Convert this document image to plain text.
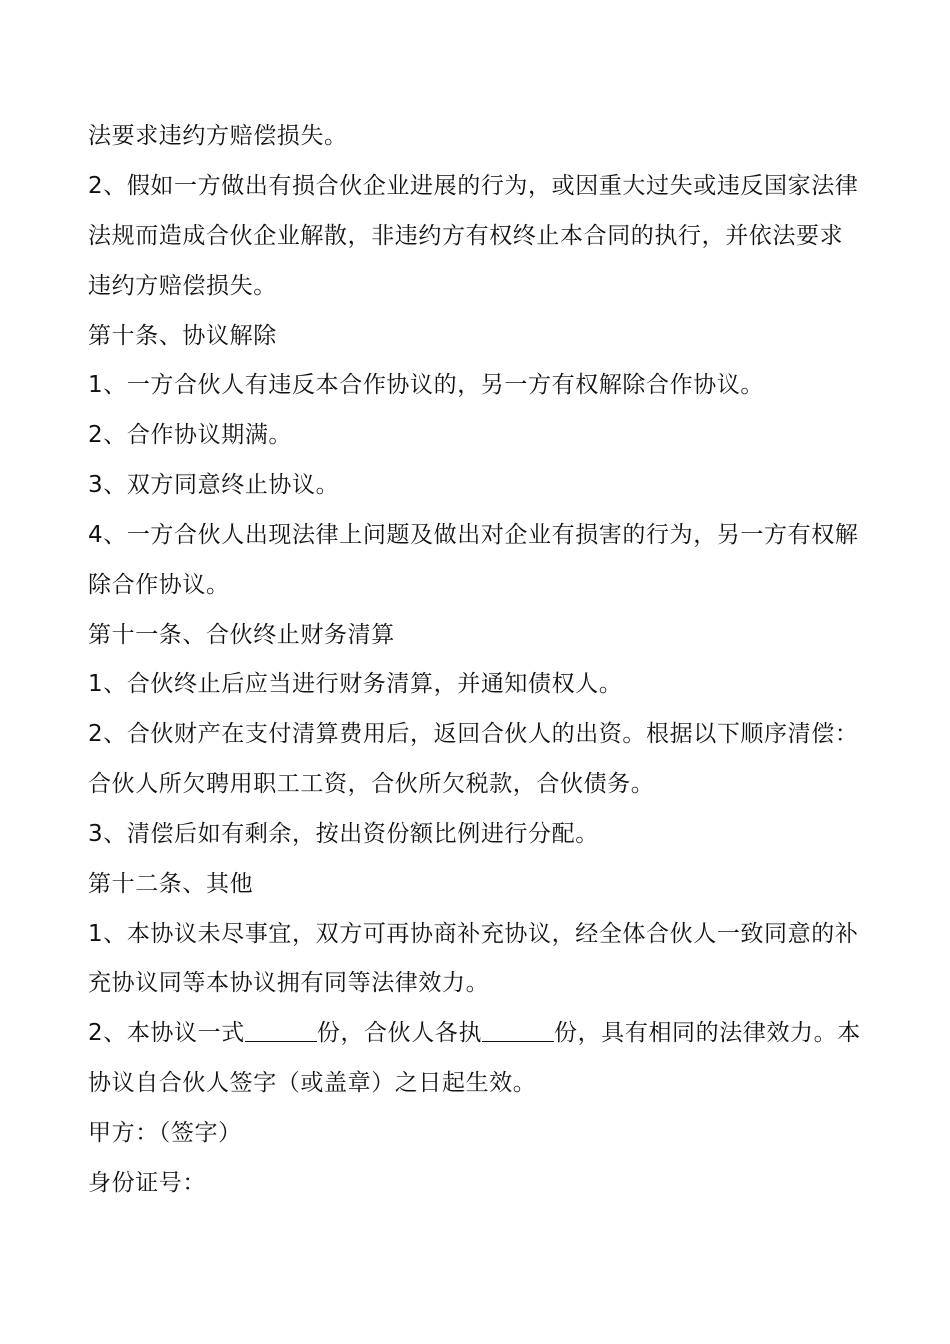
法要求违约方赔偿损失。
2、假如一方做出有损合伙企业进展的行为，或因重大过失或违反国家法律
法规而造成合伙企业解散，非违约方有权终止本合同的执行，并依法要求
违约方赔偿损失。
第十条、协议解除
1、一方合伙人有违反本合作协议的，另一方有权解除合作协议。
2、合作协议期满。
3、双方同意终止协议。
4、一方合伙人出现法律上问题及做出对企业有损害的行为，另一方有权解
除合作协议。
第十一条、合伙终止财务清算
1、合伙终止后应当进行财务清算，并通知债权人。
2、合伙财产在支付清算费用后，返回合伙人的出资。根据以下顺序清偿：
合伙人所欠聘用职工工资，合伙所欠税款，合伙债务。
3、清偿后如有剩余，按出资份额比例进行分配。
第十二条、其他
1、本协议未尽事宜，双方可再协商补充协议，经全体合伙人一致同意的补
充协议同等本协议拥有同等法律效力。
2、本协议一式	份，合伙人各执	份，具有相同的法律效力。本
协议自合伙人签字（或盖章）之日起生效。
甲方：（签字）
身份证号：
